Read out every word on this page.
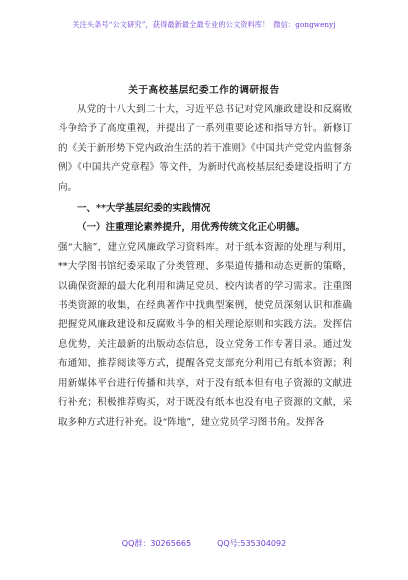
关注头条号“公文研究”，获得最新最全最专业的公文资料库！ 微信：gongwenyj
关于高校基层纪委工作的调研报告

从党的十八大到二十大，习近平总书记对党风廉政建设和反腐败斗争给予了高度重视，并提出了一系列重要论述和指导方针。新修订的《关于新形势下党内政治生活的若干准则》《中国共产党党内监督条例》《中国共产党章程》等文件，为新时代高校基层纪委建设指明了方向。

一、**大学基层纪委的实践情况

（一）注重理论素养提升，用优秀传统文化正心明德。

强“大脑”，建立党风廉政学习资料库。对于纸本资源的处理与利用，**大学图书馆纪委采取了分类管理、多渠道传播和动态更新的策略，以确保资源的最大化利用和满足党员、校内读者的学习需求。注重图书类资源的收集，在经典著作中找典型案例，使党员深刻认识和准确把握党风廉政建设和反腐败斗争的相关理论原则和实践方法。发挥信息优势，关注最新的出版动态信息，设立党务工作专著目录。通过发布通知、推荐阅读等方式，提醒各党支部充分利用已有纸本资源；利用新媒体平台进行传播和共享，对于没有纸本但有电子资源的文献进行补充；积极推荐购买，对于既没有纸本也没有电子资源的文献，采取多种方式进行补充。设“阵地”，建立党员学习图书角。发挥各

QQ群：30265665	QQ号:535304092
